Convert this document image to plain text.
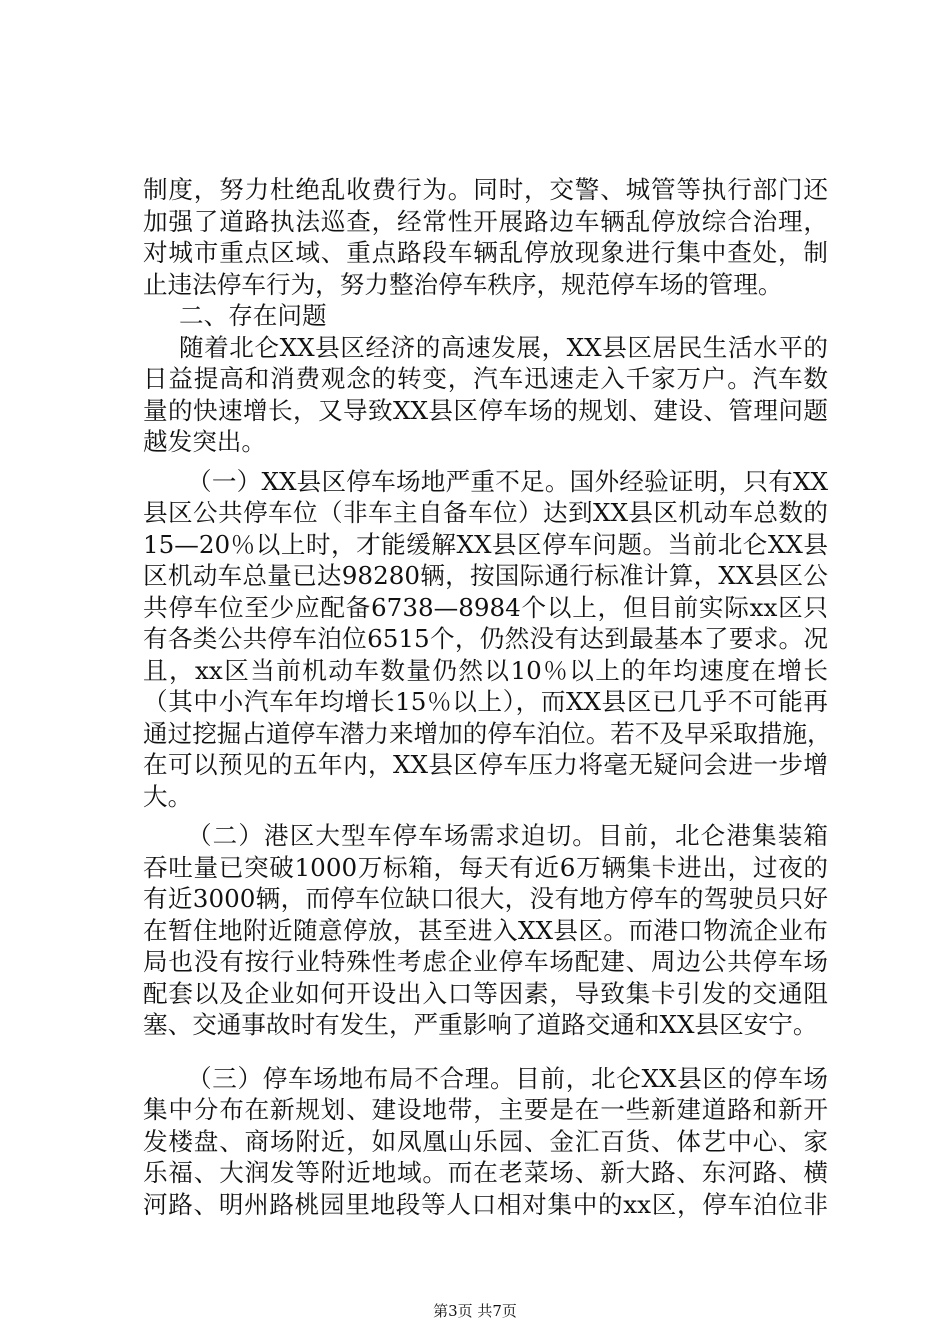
制度，努力杜绝乱收费行为。同时，交警、城管等执行部门还
加强了道路执法巡查，经常性开展路边车辆乱停放综合治理，
对城市重点区域、重点路段车辆乱停放现象进行集中查处，制
止违法停车行为，努力整治停车秩序，规范停车场的管理。
二、存在问题
随着北仑XX县区经济的高速发展，XX县区居民生活水平的
日益提高和消费观念的转变，汽车迅速走入千家万户。汽车数
量的快速增长，又导致XX县区停车场的规划、建设、管理问题
越发突出。
（一）XX县区停车场地严重不足。国外经验证明，只有XX
县区公共停车位（非车主自备车位）达到XX县区机动车总数的
15—20％以上时，才能缓解XX县区停车问题。当前北仑XX县
区机动车总量已达98280辆，按国际通行标准计算，XX县区公
共停车位至少应配备6738—8984个以上，但目前实际xx区只
有各类公共停车泊位6515个，仍然没有达到最基本了要求。况
且，xx区当前机动车数量仍然以10％以上的年均速度在增长
（其中小汽车年均增长15％以上），而XX县区已几乎不可能再
通过挖掘占道停车潜力来增加的停车泊位。若不及早采取措施，
在可以预见的五年内，XX县区停车压力将毫无疑问会进一步增
大。
（二）港区大型车停车场需求迫切。目前，北仑港集装箱
吞吐量已突破1000万标箱，每天有近6万辆集卡进出，过夜的
有近3000辆，而停车位缺口很大，没有地方停车的驾驶员只好
在暂住地附近随意停放，甚至进入XX县区。而港口物流企业布
局也没有按行业特殊性考虑企业停车场配建、周边公共停车场
配套以及企业如何开设出入口等因素，导致集卡引发的交通阻
塞、交通事故时有发生，严重影响了道路交通和XX县区安宁。
（三）停车场地布局不合理。目前，北仑XX县区的停车场
集中分布在新规划、建设地带，主要是在一些新建道路和新开
发楼盘、商场附近，如凤凰山乐园、金汇百货、体艺中心、家
乐福、大润发等附近地域。而在老菜场、新大路、东河路、横
河路、明州路桃园里地段等人口相对集中的xx区，停车泊位非
第3页 共7页
